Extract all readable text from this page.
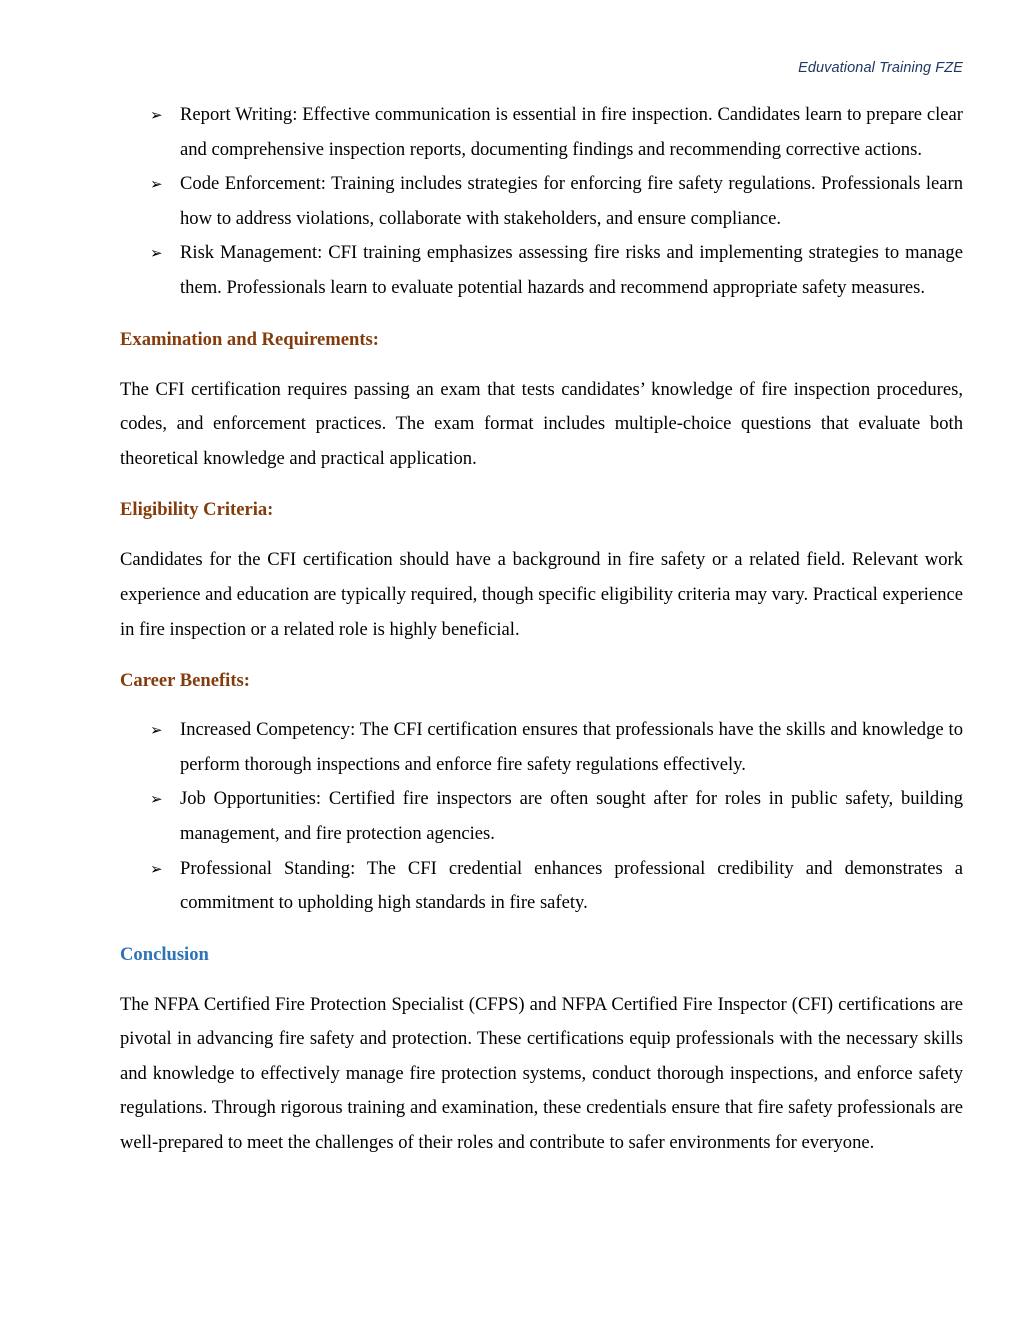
Eduvational Training FZE
➢ Report Writing: Effective communication is essential in fire inspection. Candidates learn to prepare clear and comprehensive inspection reports, documenting findings and recommending corrective actions.
➢ Code Enforcement: Training includes strategies for enforcing fire safety regulations. Professionals learn how to address violations, collaborate with stakeholders, and ensure compliance.
➢ Risk Management: CFI training emphasizes assessing fire risks and implementing strategies to manage them. Professionals learn to evaluate potential hazards and recommend appropriate safety measures.
Examination and Requirements:

The CFI certification requires passing an exam that tests candidates’ knowledge of fire inspection procedures, codes, and enforcement practices. The exam format includes multiple-choice questions that evaluate both theoretical knowledge and practical application.

Eligibility Criteria:

Candidates for the CFI certification should have a background in fire safety or a related field. Relevant work experience and education are typically required, though specific eligibility criteria may vary. Practical experience in fire inspection or a related role is highly beneficial.

Career Benefits:
➢ Increased Competency: The CFI certification ensures that professionals have the skills and knowledge to perform thorough inspections and enforce fire safety regulations effectively.
➢ Job Opportunities: Certified fire inspectors are often sought after for roles in public safety, building management, and fire protection agencies.
➢ Professional Standing: The CFI credential enhances professional credibility and demonstrates a commitment to upholding high standards in fire safety.
Conclusion

The NFPA Certified Fire Protection Specialist (CFPS) and NFPA Certified Fire Inspector (CFI) certifications are pivotal in advancing fire safety and protection. These certifications equip professionals with the necessary skills and knowledge to effectively manage fire protection systems, conduct thorough inspections, and enforce safety regulations. Through rigorous training and examination, these credentials ensure that fire safety professionals are well-prepared to meet the challenges of their roles and contribute to safer environments for everyone.
